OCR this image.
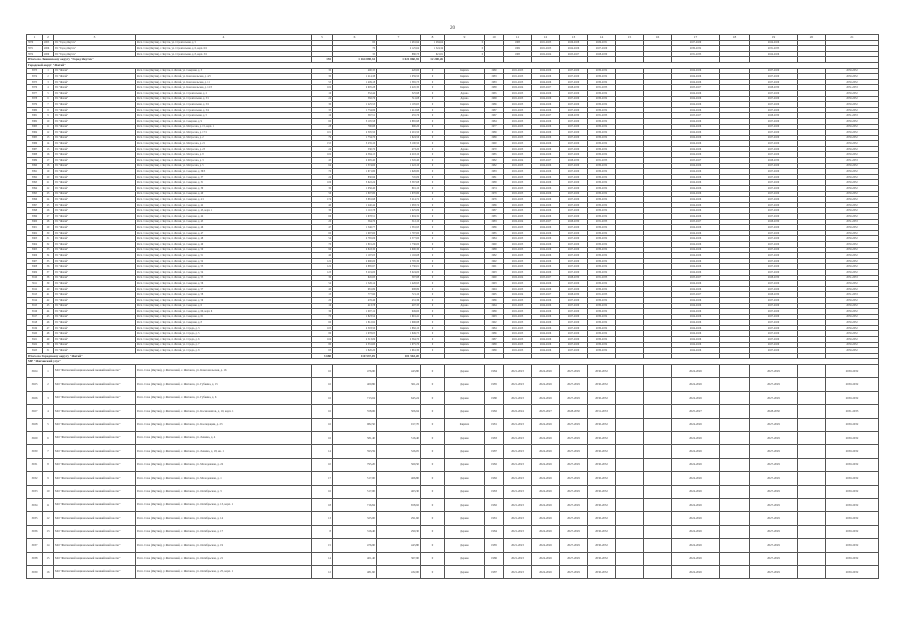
20
1	2	3	4	5	6	7	8	9	10	11	12	13	14	15	16	17	18	19	20	21
3870	2005	ГО "Город Якутск"	Респ. Саха (Якутия), г. Якутск, ул. Строительная, д. 5		60	1 481,94	1 284,64	0		1983	2021-2023	2026-2028	2029-2031			2027-2029		2024-2026		
3871	2006	ГО "Город Якутск"	Респ. Саха (Якутия), г. Якутск, ул. Строительная, д. 6, корп. 6/2		70	2 125,64	1 524,34	0		1982	2021-2023	2024-2026	2027-2029			2030-2032		2031-2033		
3872	2009	ГО "Город Якутск"	Респ. Саха (Якутия), г. Якутск, ул. Строительная, д. 8, корп. 3/2		35	880,73	621,81	0		1985	2022-2024	2025-2027	2028-2030			2031-2033		2024-2026		
Итого по Ленинскому округу "Город Якутск"				155	1 164 898,34	1 021 860,35	12 200,26													
Городской округ "Жатай"																				
3873	1	ГО "Жатай"	Респ. Саха (Якутия), г. Якутск, п. Жатай, ул. Северная, д. 3	30	490,35	420,60	0	Кирпич	1980	2021-2023	2024-2026	2027-2029	2030-2032			2024-2026		2027-2029		2030-2032
3874	2	ГО "Жатай"	Респ. Саха (Якутия), г. Якутск, п. Жатай, ул. Комсомольская, д. 4/3	30	1 214,38	1 059,50	0	Кирпич	1983	2021-2023	2024-2026	2027-2029	2030-2032			2024-2026		2027-2029		2030-2032
3875	3	ГО "Жатай"	Респ. Саха (Якутия), г. Якутск, п. Жатай, ул. Комсомольская, д. 11	55	1 409,18	1 365,73	0	Кирпич	1983	2021-2023	2024-2026	2027-2029	2030-2032			2024-2026		2027-2029		2030-2032
3876	4	ГО "Жатай"	Респ. Саха (Якутия), г. Якутск, п. Жатай, ул. Комсомольская, д. 12/3	102	2 905,28	2 445,30	0	Кирпич	1988	2022-2024	2025-2027	2028-2030	2031-2033			2025-2027		2028-2030		2031-2033
3877	5	ГО "Жатай"	Респ. Саха (Якутия), г. Якутск, п. Жатай, ул. Строительная, д. 2	16	352,44	325,98	0	Дерево	1965	2021-2023	2024-2026	2027-2029	2030-2032			2024-2026		2027-2029		2030-2032
3878	6	ГО "Жатай"	Респ. Саха (Якутия), г. Якутск, п. Жатай, ул. Строительная, д. 3/1	24	582,76	511,08	0	Дерево	1968	2021-2023	2024-2026	2027-2029	2030-2032			2024-2026		2027-2029		2030-2032
3879	7	ГО "Жатай"	Респ. Саха (Якутия), г. Якутск, п. Жатай, ул. Строительная, д. 3/2	30	1 225,53	1 105,65	0	Кирпич	1986	2021-2023	2024-2026	2027-2029	2030-2032			2024-2026		2027-2029		2030-2032
3880	8	ГО "Жатай"	Респ. Саха (Якутия), г. Якутск, п. Жатай, ул. Строительная, д. 3/4	35	1 734,86	1 412,98	0	Кирпич	1987	2021-2023	2024-2026	2027-2029	2030-2032			2024-2026		2027-2029		2030-2032
3881	9	ГО "Жатай"	Респ. Саха (Якутия), г. Якутск, п. Жатай, ул. Строительная, д. 5	16	567,51	455,76	0	Дерево	1967	2022-2024	2025-2027	2028-2030	2031-2033			2025-2027		2028-2030		2031-2033
3882	10	ГО "Жатай"	Респ. Саха (Якутия), г. Якутск, п. Жатай, ул. Северная, д. 9	60	3 105,58	2 865,98	0	Кирпич	1984	2021-2023	2024-2026	2027-2029	2030-2032			2024-2026		2027-2029		2030-2032
3883	11	ГО "Жатай"	Респ. Саха (Якутия), г. Якутск, п. Жатай, ул. Матросова, д. 15, корп. 1	28	790,88	690,20	0	Кирпич	1977	2021-2023	2024-2026	2027-2029	2030-2032			2024-2026		2027-2029		2030-2032
3884	12	ГО "Жатай"	Респ. Саха (Якутия), г. Якутск, п. Жатай, ул. Матросова, д. 17/1	101	2 305,50	2 291,50	0	Кирпич	1989	2021-2023	2024-2026	2027-2029	2030-2032			2024-2026		2027-2029		2030-2032
3885	13	ГО "Жатай"	Респ. Саха (Якутия), г. Якутск, п. Жатай, ул. Матросова, д. 2	79	1 734,70	1 624,56	0	Кирпич	1989	2021-2023	2024-2026	2027-2029	2030-2032			2024-2026		2027-2029		2030-2032
3886	14	ГО "Жатай"	Респ. Саха (Якутия), г. Якутск, п. Жатай, ул. Матросова, д. 21	155	3 235,10	3 100,50	0	Кирпич	1990	2021-2023	2024-2026	2027-2029	2030-2032			2024-2026		2027-2029		2030-2032
3887	15	ГО "Жатай"	Респ. Саха (Якутия), г. Якутск, п. Жатай, ул. Матросова, д. 23	24	530,70	473,20	0	Дерево	1970	2021-2023	2024-2026	2027-2029	2030-2032			2024-2026		2027-2029		2030-2032
3888	16	ГО "Жатай"	Респ. Саха (Якутия), г. Якутск, п. Жатай, ул. Матросова, д. 8	102	4 384,15	4 218,10	0	Кирпич	1985	2021-2023	2024-2026	2027-2029	2030-2032			2024-2026		2027-2029		2030-2032
3889	17	ГО "Жатай"	Респ. Саха (Якутия), г. Якутск, п. Жатай, ул. Матросова, д. 3	45	2 095,40	1 345,40	0	Кирпич	1982	2022-2024	2025-2027	2028-2030	2031-2033			2025-2027		2028-2030		2031-2033
3890	18	ГО "Жатай"	Респ. Саха (Якутия), г. Якутск, п. Жатай, ул. Матросова, д. 5	64	1 374,60	1 222,10	0	Кирпич	1982	2021-2023	2024-2026	2027-2029	2030-2032			2024-2026		2027-2029		2030-2032
3891	19	ГО "Жатай"	Респ. Саха (Якутия), г. Якутск, п. Жатай, ул. Северная, д. 36/3	70	1 671,80	1 626,80	0	Кирпич	1983	2021-2023	2024-2026	2027-2029	2030-2032			2024-2026		2027-2029		2030-2032
3892	20	ГО "Жатай"	Респ. Саха (Якутия), г. Якутск, п. Жатай, ул. Северная, д. 37	24	830,96	745,09	0	Кирпич	1981	2021-2023	2024-2026	2027-2029	2030-2032			2024-2026		2027-2029		2030-2032
3893	21	ГО "Жатай"	Респ. Саха (Якутия), г. Якутск, п. Жатай, ул. Северная, д. 31	106	3 622,24	3 367,68	0	Кирпич	1988	2021-2023	2024-2026	2027-2029	2030-2032			2024-2026		2027-2029		2030-2032
3894	22	ГО "Жатай"	Респ. Саха (Якутия), г. Якутск, п. Жатай, ул. Северная, д. 39	30	1 056,40	891,10	0	Кирпич	1974	2021-2023	2024-2026	2027-2029	2030-2032			2024-2026		2027-2029		2030-2032
3895	23	ГО "Жатай"	Респ. Саха (Якутия), г. Якутск, п. Жатай, ул. Северная, д. 40	56	1 807,80	1 670,80	0	Кирпич	1979	2021-2023	2024-2026	2027-2029	2030-2032			2024-2026		2027-2029		2030-2032
3896	24	ГО "Жатай"	Респ. Саха (Якутия), г. Якутск, п. Жатай, ул. Северная, д. 4/1	174	5 881,98	5 214,72	0	Кирпич	1976	2021-2023	2024-2026	2027-2029	2030-2032			2024-2026		2027-2029		2030-2032
3897	25	ГО "Жатай"	Респ. Саха (Якутия), г. Якутск, п. Жатай, ул. Северная, д. 42	40	1 240,44	1 083,74	0	Кирпич	1986	2021-2023	2024-2026	2027-2029	2030-2032			2024-2026		2027-2029		2030-2032
3898	26	ГО "Жатай"	Респ. Саха (Якутия), г. Якутск, п. Жатай, ул. Северная, д. 43, корп. 1	30	1 110,78	1 025,09	0	Кирпич	1987	2021-2023	2024-2026	2027-2029	2030-2032			2024-2026		2027-2029		2030-2032
3899	27	ГО "Жатай"	Респ. Саха (Якутия), г. Якутск, п. Жатай, ул. Северная, д. 44	66	1 678,51	1 604,32	0	Кирпич	1985	2021-2023	2024-2026	2027-2029	2030-2032			2024-2026		2027-2029		2030-2032
3900	28	ГО "Жатай"	Респ. Саха (Якутия), г. Якутск, п. Жатай, ул. Северная, д. 45	20	564,70	512,10	0	Кирпич	1983	2022-2024	2025-2027	2028-2030	2031-2033			2025-2027		2028-2030		2031-2033
3901	29	ГО "Жатай"	Респ. Саха (Якутия), г. Якутск, п. Жатай, ул. Северная, д. 46	47	1 546,77	1 381,93	0	Кирпич	1986	2021-2023	2024-2026	2027-2029	2030-2032			2024-2026		2027-2029		2030-2032
3902	30	ГО "Жатай"	Респ. Саха (Якутия), г. Якутск, п. Жатай, ул. Северная, д. 47	60	1 997,60	1 797,60	0	Кирпич	1985	2021-2023	2024-2026	2027-2029	2030-2032			2024-2026		2027-2029		2030-2032
3903	31	ГО "Жатай"	Респ. Саха (Якутия), г. Якутск, п. Жатай, ул. Северная, д. 48	54	2 765,06	2 577,60	0	Кирпич	1984	2021-2023	2024-2026	2027-2029	2030-2032			2024-2026		2027-2029		2030-2032
3904	32	ГО "Жатай"	Респ. Саха (Якутия), г. Якутск, п. Жатай, ул. Северная, д. 49	70	1 801,20	1 736,00	0	Кирпич	1990	2021-2023	2024-2026	2027-2029	2030-2032			2024-2026		2027-2029		2030-2032
3905	33	ГО "Жатай"	Респ. Саха (Якутия), г. Якутск, п. Жатай, ул. Северная, д. 50	96	2 843,30	2 600,30	0	Кирпич	1988	2021-2023	2024-2026	2027-2029	2030-2032			2024-2026		2027-2029		2030-2032
3906	34	ГО "Жатай"	Респ. Саха (Якутия), г. Якутск, п. Жатай, ул. Северная, д. 51	40	1 197,05	1 102,08	0	Кирпич	1982	2021-2023	2024-2026	2027-2029	2030-2032			2024-2026		2027-2029		2030-2032
3907	35	ГО "Жатай"	Респ. Саха (Якутия), г. Якутск, п. Жатай, ул. Северная, д. 52	122	2 990,00	2 795,30	0	Кирпич	1992	2021-2023	2024-2026	2027-2029	2030-2032			2024-2026		2027-2029		2030-2032
3908	36	ГО "Жатай"	Респ. Саха (Якутия), г. Якутск, п. Жатай, ул. Северная, д. 53	122	2 885,97	2 730,01	0	Кирпич	1991	2021-2023	2024-2026	2027-2029	2030-2032			2024-2026		2027-2029		2030-2032
3909	37	ГО "Жатай"	Респ. Саха (Якутия), г. Якутск, п. Жатай, ул. Северная, д. 54	123	3 219,00	3 024,00	0	Кирпич	1993	2021-2023	2024-2026	2027-2029	2030-2032			2024-2026		2027-2029		2030-2032
3910	38	ГО "Жатай"	Респ. Саха (Якутия), г. Якутск, п. Жатай, ул. Северная, д. 55	30	645,83	597,88	0	Кирпич	1990	2022-2024	2025-2027	2028-2030	2031-2033			2025-2027		2028-2030		2031-2033
3911	39	ГО "Жатай"	Респ. Саха (Якутия), г. Якутск, п. Жатай, ул. Северная, д. 56	54	1 526,14	1 426,93	0	Кирпич	1993	2021-2023	2024-2026	2027-2029	2030-2032			2024-2026		2027-2029		2030-2032
3912	40	ГО "Жатай"	Респ. Саха (Якутия), г. Якутск, п. Жатай, ул. Северная, д. 57	40	981,89	908,89	0	Кирпич	1994	2021-2023	2024-2026	2027-2029	2030-2032			2024-2026		2027-2029		2030-2032
3913	41	ГО "Жатай"	Респ. Саха (Якутия), г. Якутск, п. Жатай, ул. Северная, д. 58	15	777,90	721,10	0	Кирпич	1995	2022-2024	2025-2027	2028-2030	2031-2033			2025-2027		2028-2030		2031-2033
3914	42	ГО "Жатай"	Респ. Саха (Якутия), г. Якутск, п. Жатай, ул. Северная, д. 59	20	476,46	431,36	0	Кирпич	1986	2021-2023	2024-2026	2027-2029	2030-2032			2024-2026		2027-2029		2030-2032
3915	43	ГО "Жатай"	Респ. Саха (Якутия), г. Якутск, п. Жатай, ул. Северная, д. 6	16	413,78	407,35	0	Дерево	1964	2021-2023	2024-2026	2027-2029	2030-2032			2024-2026		2027-2029		2030-2032
3916	44	ГО "Жатай"	Респ. Саха (Якутия), г. Якутск, п. Жатай, ул. Северная, д. 60, корп. 6	36	1 007,12	949,60	0	Кирпич	1989	2021-2023	2024-2026	2027-2029	2030-2032			2024-2026		2027-2029		2030-2032
3917	45	ГО "Жатай"	Респ. Саха (Якутия), г. Якутск, п. Жатай, ул. Северная, д. 61	70	1 823,54	1 691,41	0	Кирпич	1993	2021-2023	2024-2026	2027-2029	2030-2032			2024-2026		2027-2029		2030-2032
3918	46	ГО "Жатай"	Респ. Саха (Якутия), г. Якутск, п. Жатай, ул. Северная, д. 8	60	1 812,92	1 696,88	0	Кирпич	1992	2021-2023	2024-2026	2027-2029	2030-2032			2024-2026		2027-2029		2030-2032
3919	47	ГО "Жатай"	Респ. Саха (Якутия), г. Якутск, п. Жатай, ул. Строда, д. 3	105	2 303,50	1 882,10	0	Кирпич	1984	2021-2023	2024-2026	2027-2029	2030-2032			2024-2026		2027-2029		2030-2032
3920	48	ГО "Жатай"	Респ. Саха (Якутия), г. Якутск, п. Жатай, ул. Строда, д. 5	86	1 978,05	1 649,75	0	Кирпич	1986	2021-2023	2024-2026	2027-2029	2030-2032			2024-2026		2027-2029		2030-2032
3921	49	ГО "Жатай"	Респ. Саха (Якутия), г. Якутск, п. Жатай, ул. Строда, д. 6	104	2 513,09	2 364,70	0	Кирпич	1987	2021-2023	2024-2026	2027-2029	2030-2032			2024-2026		2027-2029		2030-2032
3922	50	ГО "Жатай"	Респ. Саха (Якутия), г. Якутск, п. Жатай, ул. Строда, д. 7	80	2 331,60	1 975,70	0	Кирпич	1988	2021-2023	2024-2026	2027-2029	2030-2032			2024-2026		2027-2029		2030-2032
3923	51	ГО "Жатай"	Респ. Саха (Якутия), г. Якутск, п. Жатай, ул. Строда, д. 8	65	1 820,20	1 661,30	0	Кирпич	1989	2021-2023	2024-2026	2027-2029	2030-2032			2024-2026		2027-2029		2030-2032
Итого по Городскому округу "Жатай"				3 688	110 537,49	101 563,20														
МР "Жиганский улус"																				
3924	1	МО "Жиганский национальный эвенкийский наслег"	Респ. Саха (Якутия), у. Жиганский, с. Жиганск, ул. Комсомольская, д. 16	16	476,90	443,80	0	Дерево	1984	2021-2023	2024-2026	2027-2029	2030-2032			2024-2026		2027-2029		2030-2032
3925	2	МО "Жиганский национальный эвенкийский наслег"	Респ. Саха (Якутия), у. Жиганский, с. Жиганск, ул. Губкина, д. 15	16	400,86	361,24	0	Дерево	1985	2021-2023	2024-2026	2027-2029	2030-2032			2024-2026		2027-2029		2030-2032
3926	3	МО "Жиганский национальный эвенкийский наслег"	Респ. Саха (Якутия), у. Жиганский, с. Жиганск, ул. Губкина, д. 6	16	713,04	645,24	0	Дерево	1980	2021-2023	2024-2026	2027-2029	2030-2032			2024-2026		2027-2029		2030-2032
3927	4	МО "Жиганский национальный эвенкийский наслег"	Респ. Саха (Якутия), у. Жиганский, с. Жиганск, ул. Космонавтов, д. 10, корп. 1	16	558,06	506,94	0	Дерево	1982	2022-2024	2025-2027	2028-2030	2031-2033			2025-2027		2028-2030		2031-2033
3928	5	МО "Жиганский национальный эвенкийский наслег"	Респ. Саха (Якутия), у. Жиганский, с. Жиганск, ул. Кооперации, д. 23	16	982,50	917,70	0	Кирпич	1981	2021-2023	2024-2026	2027-2029	2030-2032			2024-2026		2027-2029		2030-2032
3929	6	МО "Жиганский национальный эвенкийский наслег"	Респ. Саха (Якутия), у. Жиганский, с. Жиганск, ул. Ленина, д. 4	16	581,40	516,40	0	Дерево	1983	2021-2023	2024-2026	2027-2029	2030-2032			2024-2026		2027-2029		2030-2032
3930	7	МО "Жиганский национальный эвенкийский наслег"	Респ. Саха (Якутия), у. Жиганский, с. Жиганск, ул. Ленина, д. 18, кв. 1	14	593,59	526,05	0	Дерево	1987	2021-2023	2024-2026	2027-2029	2030-2032			2024-2026		2027-2029		2030-2032
3931	8	МО "Жиганский национальный эвенкийский наслег"	Респ. Саха (Якутия), у. Жиганский, с. Жиганск, ул. Молодежная, д. 22	10	795,20	569,50	0	Дерево	1982	2021-2023	2024-2026	2027-2029	2030-2032			2024-2026		2027-2029		2030-2032
3932	9	МО "Жиганский национальный эвенкийский наслег"	Респ. Саха (Якутия), у. Жиганский, с. Жиганск, ул. Молодежная, д. 1	17	517,00	466,80	0	Дерево	1982	2021-2023	2024-2026	2027-2029	2030-2032			2024-2026		2027-2029		2030-2032
3933	10	МО "Жиганский национальный эвенкийский наслег"	Респ. Саха (Якутия), у. Жиганский, с. Жиганск, ул. Октябрьская, д. 3	16	517,00	463,30	0	Дерево	1983	2021-2023	2024-2026	2027-2029	2030-2032			2024-2026		2027-2029		2030-2032
3934	11	МО "Жиганский национальный эвенкийский наслег"	Респ. Саха (Якутия), у. Жиганский, с. Жиганск, ул. Октябрьская, д. 13, корп. 1	18	716,84	658,92	0	Дерево	1982	2021-2023	2024-2026	2027-2029	2030-2032			2024-2026		2027-2029		2030-2032
3935	12	МО "Жиганский национальный эвенкийский наслег"	Респ. Саха (Якутия), у. Жиганский, с. Жиганск, ул. Октябрьская, д. 14	13	325,00	291,60	0	Дерево	1981	2021-2023	2024-2026	2027-2029	2030-2032			2024-2026		2027-2029		2030-2032
3936	13	МО "Жиганский национальный эвенкийский наслег"	Респ. Саха (Якутия), у. Жиганский, с. Жиганск, ул. Октябрьская, д. 17	8	316,40	290,30	0	Дерево	1984	2021-2023	2024-2026	2027-2029	2030-2032			2024-2026		2027-2029		2030-2032
3937	14	МО "Жиганский национальный эвенкийский наслег"	Респ. Саха (Якутия), у. Жиганский, с. Жиганск, ул. Октябрьская, д. 19	15	476,90	443,80	0	Дерево	1985	2021-2023	2024-2026	2027-2029	2030-2032			2024-2026		2027-2029		2030-2032
3938	15	МО "Жиганский национальный эвенкийский наслег"	Респ. Саха (Якутия), у. Жиганский, с. Жиганск, ул. Октябрьская, д. 21	14	401,40	367,90	0	Дерево	1986	2021-2023	2024-2026	2027-2029	2030-2032			2024-2026		2027-2029		2030-2032
3939	16	МО "Жиганский национальный эвенкийский наслег"	Респ. Саха (Якутия), у. Жиганский, с. Жиганск, ул. Октябрьская, д. 25, корп. 1	12	481,60	432,00	0	Дерево	1987	2021-2023	2024-2026	2027-2029	2030-2032			2024-2026		2027-2029		2030-2032
